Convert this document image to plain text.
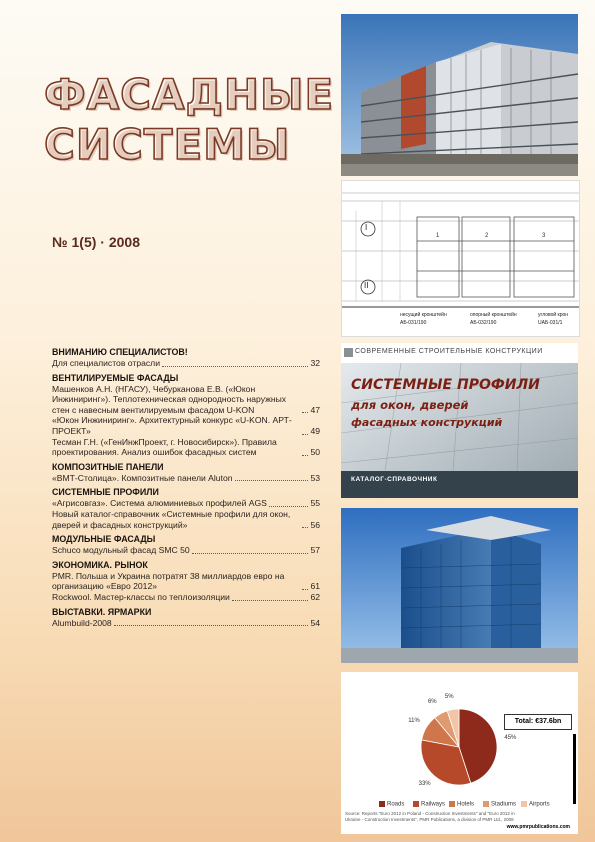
ФАСАДНЫЕ
СИСТЕМЫ
№ 1(5) · 2008
ВНИМАНИЮ СПЕЦИАЛИСТОВ!
Для специалистов отрасли	32
ВЕНТИЛИРУЕМЫЕ ФАСАДЫ
Машенков А.Н. (НГАСУ), Чебурканова Е.В. («Юкон Инжиниринг»). Теплотехническая однородность наружных стен с навесным вентилируемым фасадом U-KON	47
«Юкон Инжиниринг». Архитектурный конкурс «U-KON. АРТ-ПРОЕКТ»	49
Тесман Г.Н. («ГенИнжПроект, г. Новосибирск»). Правила проектирования. Анализ ошибок фасадных систем	50
КОМПОЗИТНЫЕ ПАНЕЛИ
«ВМТ-Столица». Композитные панели Aluton	53
СИСТЕМНЫЕ ПРОФИЛИ
«Агрисовгаз». Система алюминиевых профилей AGS	55
Новый каталог-справочник «Системные профили для окон, дверей и фасадных конструкций»	56
МОДУЛЬНЫЕ ФАСАДЫ
Schuco модульный фасад SMC 50	57
ЭКОНОМИКА. РЫНОК
PMR. Польша и Украина потратят 38 миллиардов евро на организацию «Евро 2012»	61
Rockwool. Мастер-классы по теплоизоляции	62
ВЫСТАВКИ. ЯРМАРКИ
Alumbuild-2008	54
I
II
1	2	3
несущий кронштейн
АБ-031/190
опорный кронштейн
АБ-032/190
угловой крон
UAБ-031/1
СОВРЕМЕННЫЕ СТРОИТЕЛЬНЫЕ КОНСТРУКЦИИ
СИСТЕМНЫЕ ПРОФИЛИ
для окон, дверей
фасадных конструкций
КАТАЛОГ-СПРАВОЧНИК
Total: €37.6bn
45%
33%
11%
6%
5%
Roads	Railways	Hotels	Stadiums	Airports
Source: Reports "Euro 2012 in Poland - Construction Investments" and "Euro 2012 in
Ukraine - Construction Investments", PMR Publications, a division of PMR Ltd., 2008
www.pmrpublications.com
